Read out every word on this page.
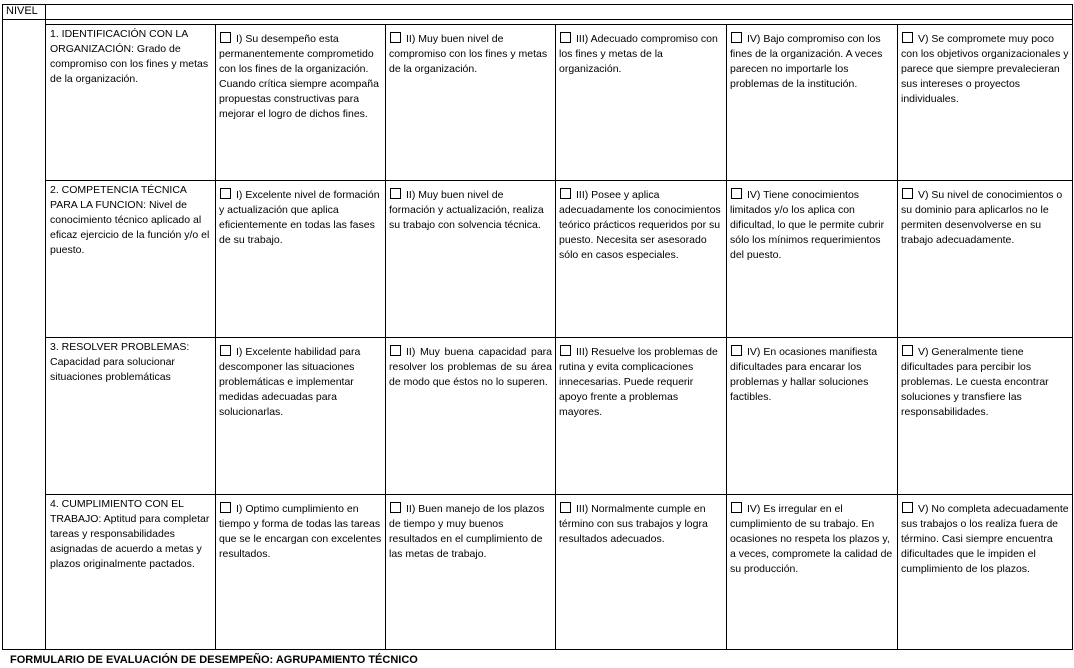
NIVEL						

	1. IDENTIFICACIÓN CON LA ORGANIZACIÓN: Grado de compromiso con los fines y metas de la organización.	I) Su desempeño esta permanentemente comprometido con los fines de la organización. Cuando crítica siempre acompaña propuestas constructivas para mejorar el logro de dichos fines.	II) Muy buen nivel de compromiso con los fines y metas de la organización.	III) Adecuado compromiso con los fines y metas de la organización.	IV) Bajo compromiso con los fines de la organización. A veces parecen no importarle los problemas de la institución.	V) Se compromete muy poco con los objetivos organizacionales y parece que siempre prevalecieran sus intereses o proyectos individuales.
	2. COMPETENCIA TÉCNICA PARA LA FUNCION: Nivel de conocimiento técnico aplicado al eficaz ejercicio de la función y/o el puesto.	I) Excelente nivel de formación y actualización que aplica eficientemente en todas las fases de su trabajo.	II) Muy buen nivel de formación y actualización, realiza su trabajo con solvencia técnica.	III) Posee y aplica adecuadamente los conocimientos teórico prácticos requeridos por su puesto. Necesita ser asesorado sólo en casos especiales.	IV) Tiene conocimientos limitados y/o los aplica con dificultad, lo que le permite cubrir sólo los mínimos requerimientos del puesto.	V) Su nivel de conocimientos o su dominio para aplicarlos no le permiten desenvolverse en su trabajo adecuadamente.
	3. RESOLVER PROBLEMAS: Capacidad para solucionar situaciones problemáticas	I) Excelente habilidad para descomponer las situaciones problemáticas e implementar medidas adecuadas para solucionarlas.	II) Muy buena capacidad para resolver los problemas de su área de modo que éstos no lo superen.	III) Resuelve los problemas de rutina y evita complicaciones innecesarias. Puede requerir apoyo frente a problemas mayores.	IV) En ocasiones manifiesta dificultades para encarar los problemas y hallar soluciones factibles.	V) Generalmente tiene dificultades para percibir los problemas. Le cuesta encontrar soluciones y transfiere las responsabilidades.
	4. CUMPLIMIENTO CON EL TRABAJO: Aptitud para completar tareas y responsabilidades asignadas de acuerdo a metas y plazos originalmente pactados.	I) Optimo cumplimiento en tiempo y forma de todas las tareas que se le encargan con excelentes resultados.	II) Buen manejo de los plazos de tiempo y muy buenos resultados en el cumplimiento de las metas de trabajo.	III) Normalmente cumple en término con sus trabajos y logra resultados adecuados.	IV) Es irregular en el cumplimiento de su trabajo. En ocasiones no respeta los plazos y, a veces, compromete la calidad de su producción.	V) No completa adecuadamente sus trabajos o los realiza fuera de término. Casi siempre encuentra dificultades que le impiden el cumplimiento de los plazos.
FORMULARIO DE EVALUACIÓN DE DESEMPEÑO: AGRUPAMIENTO TÉCNICO
